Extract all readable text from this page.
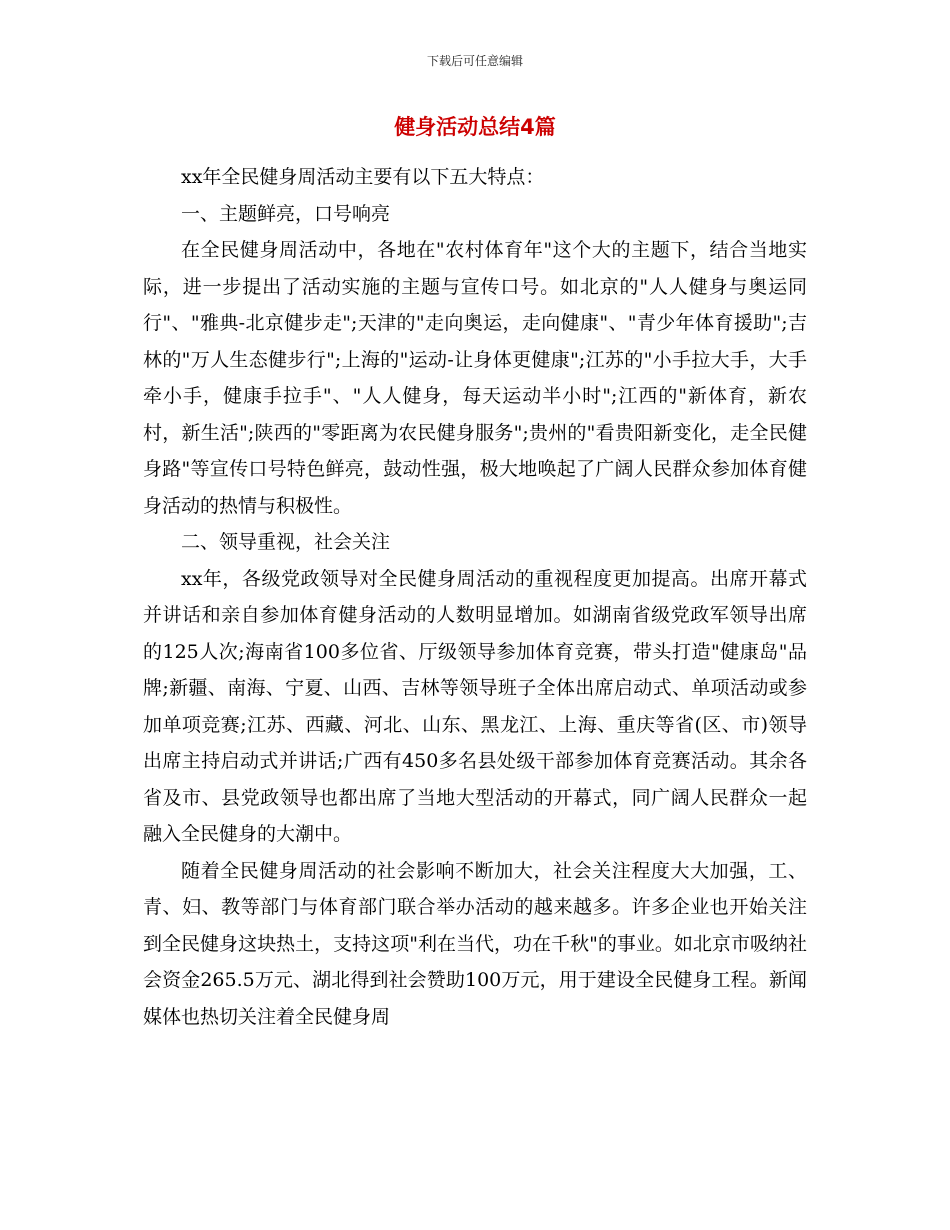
下载后可任意编辑
健身活动总结4篇

xx年全民健身周活动主要有以下五大特点：

一、主题鲜亮，口号响亮

在全民健身周活动中，各地在"农村体育年"这个大的主题下，结合当地实际，进一步提出了活动实施的主题与宣传口号。如北京的"人人健身与奥运同行"、"雅典-北京健步走";天津的"走向奥运，走向健康"、"青少年体育援助";吉林的"万人生态健步行";上海的"运动-让身体更健康";江苏的"小手拉大手，大手牵小手，健康手拉手"、"人人健身，每天运动半小时";江西的"新体育，新农村，新生活";陕西的"零距离为农民健身服务";贵州的"看贵阳新变化，走全民健身路"等宣传口号特色鲜亮，鼓动性强，极大地唤起了广阔人民群众参加体育健身活动的热情与积极性。

二、领导重视，社会关注

xx年，各级党政领导对全民健身周活动的重视程度更加提高。出席开幕式并讲话和亲自参加体育健身活动的人数明显增加。如湖南省级党政军领导出席的125人次;海南省100多位省、厅级领导参加体育竞赛，带头打造"健康岛"品牌;新疆、南海、宁夏、山西、吉林等领导班子全体出席启动式、单项活动或参加单项竞赛;江苏、西藏、河北、山东、黑龙江、上海、重庆等省(区、市)领导出席主持启动式并讲话;广西有450多名县处级干部参加体育竞赛活动。其余各省及市、县党政领导也都出席了当地大型活动的开幕式，同广阔人民群众一起融入全民健身的大潮中。

随着全民健身周活动的社会影响不断加大，社会关注程度大大加强，工、青、妇、教等部门与体育部门联合举办活动的越来越多。许多企业也开始关注到全民健身这块热土，支持这项"利在当代，功在千秋"的事业。如北京市吸纳社会资金265.5万元、湖北得到社会赞助100万元，用于建设全民健身工程。新闻媒体也热切关注着全民健身周
